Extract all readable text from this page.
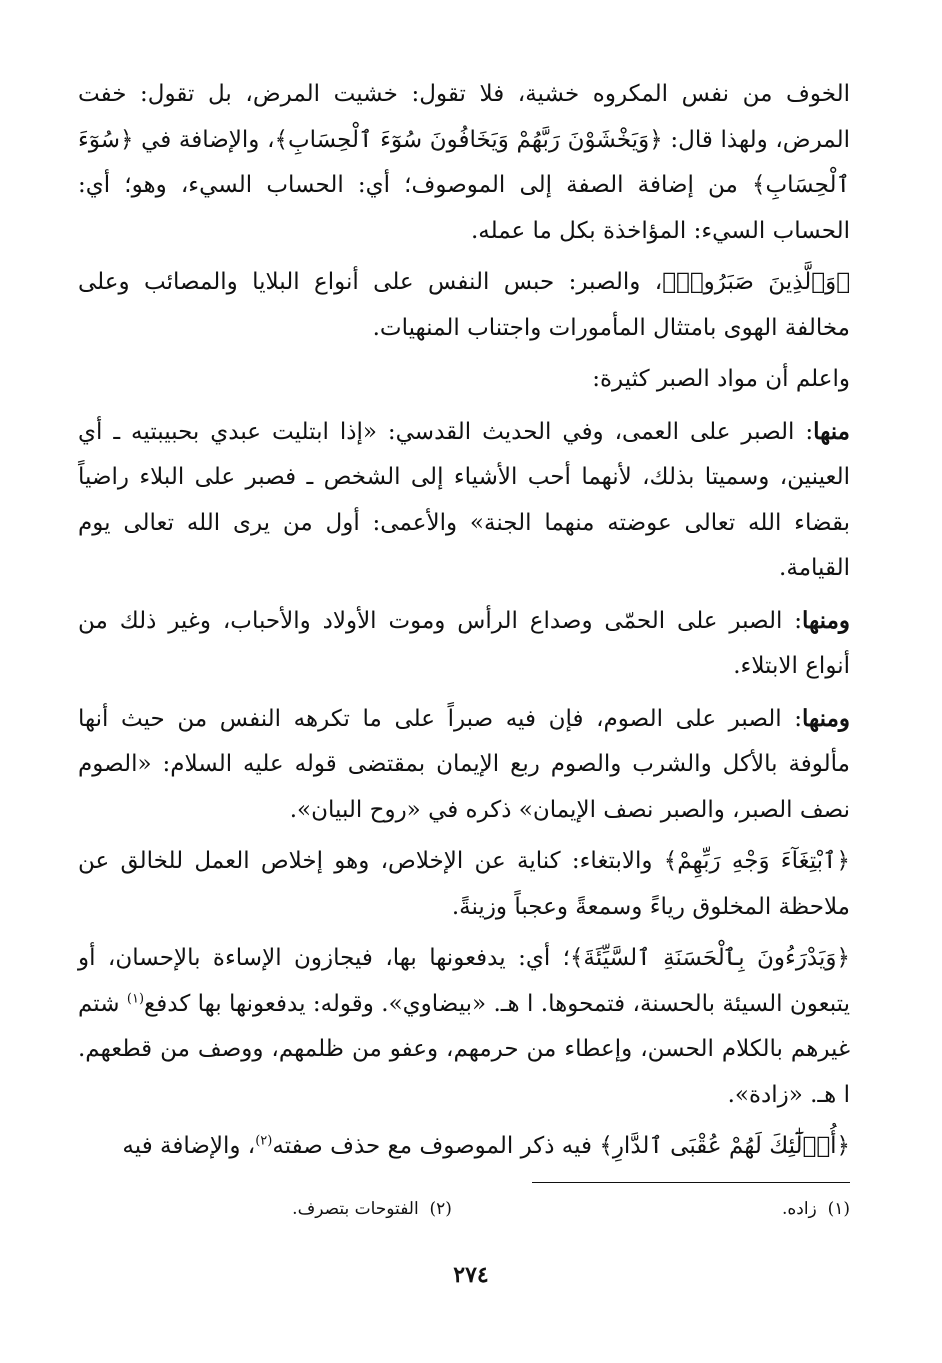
الخوف من نفس المكروه خشية، فلا تقول: خشيت المرض، بل تقول: خفت المرض، ولهذا قال: ﴿وَيَخْشَوْنَ رَبَّهُمْ وَيَخَافُونَ سُوٓءَ ٱلْحِسَابِ﴾، والإضافة في ﴿سُوٓءَ ٱلْحِسَابِ﴾ من إضافة الصفة إلى الموصوف؛ أي: الحساب السيء، وهو؛ أي: الحساب السيء: المؤاخذة بكل ما عمله.

﴿وَٱلَّذِينَ صَبَرُوا۟﴾، والصبر: حبس النفس على أنواع البلايا والمصائب وعلى مخالفة الهوى بامتثال المأمورات واجتناب المنهيات.

واعلم أن مواد الصبر كثيرة:

منها: الصبر على العمى، وفي الحديث القدسي: «إذا ابتليت عبدي بحبيبتيه ـ أي العينين، وسميتا بذلك، لأنهما أحب الأشياء إلى الشخص ـ فصبر على البلاء راضياً بقضاء الله تعالى عوضته منهما الجنة» والأعمى: أول من يرى الله تعالى يوم القيامة.

ومنها: الصبر على الحمّى وصداع الرأس وموت الأولاد والأحباب، وغير ذلك من أنواع الابتلاء.

ومنها: الصبر على الصوم، فإن فيه صبراً على ما تكرهه النفس من حيث أنها مألوفة بالأكل والشرب والصوم ربع الإيمان بمقتضى قوله عليه السلام: «الصوم نصف الصبر، والصبر نصف الإيمان» ذكره في «روح البيان».

﴿ٱبْتِغَآءَ وَجْهِ رَبِّهِمْ﴾ والابتغاء: كناية عن الإخلاص، وهو إخلاص العمل للخالق عن ملاحظة المخلوق رياءً وسمعةً وعجباً وزينةً.

﴿وَيَدْرَءُونَ بِٱلْحَسَنَةِ ٱلسَّيِّئَةَ﴾؛ أي: يدفعونها بها، فيجازون الإساءة بالإحسان، أو يتبعون السيئة بالحسنة، فتمحوها. ا هـ. «بيضاوي». وقوله: يدفعونها بها كدفع$^{(١)}$ شتم غيرهم بالكلام الحسن، وإعطاء من حرمهم، وعفو من ظلمهم، ووصف من قطعهم. ا هـ. «زادة».

﴿أُو۟لَٰٓئِكَ لَهُمْ عُقْبَى ٱلدَّارِ﴾ فيه ذكر الموصوف مع حذف صفته$^{(٢)}$، والإضافة فيه

(١)  زاده.
(٢)  الفتوحات بتصرف.
٢٧٤
